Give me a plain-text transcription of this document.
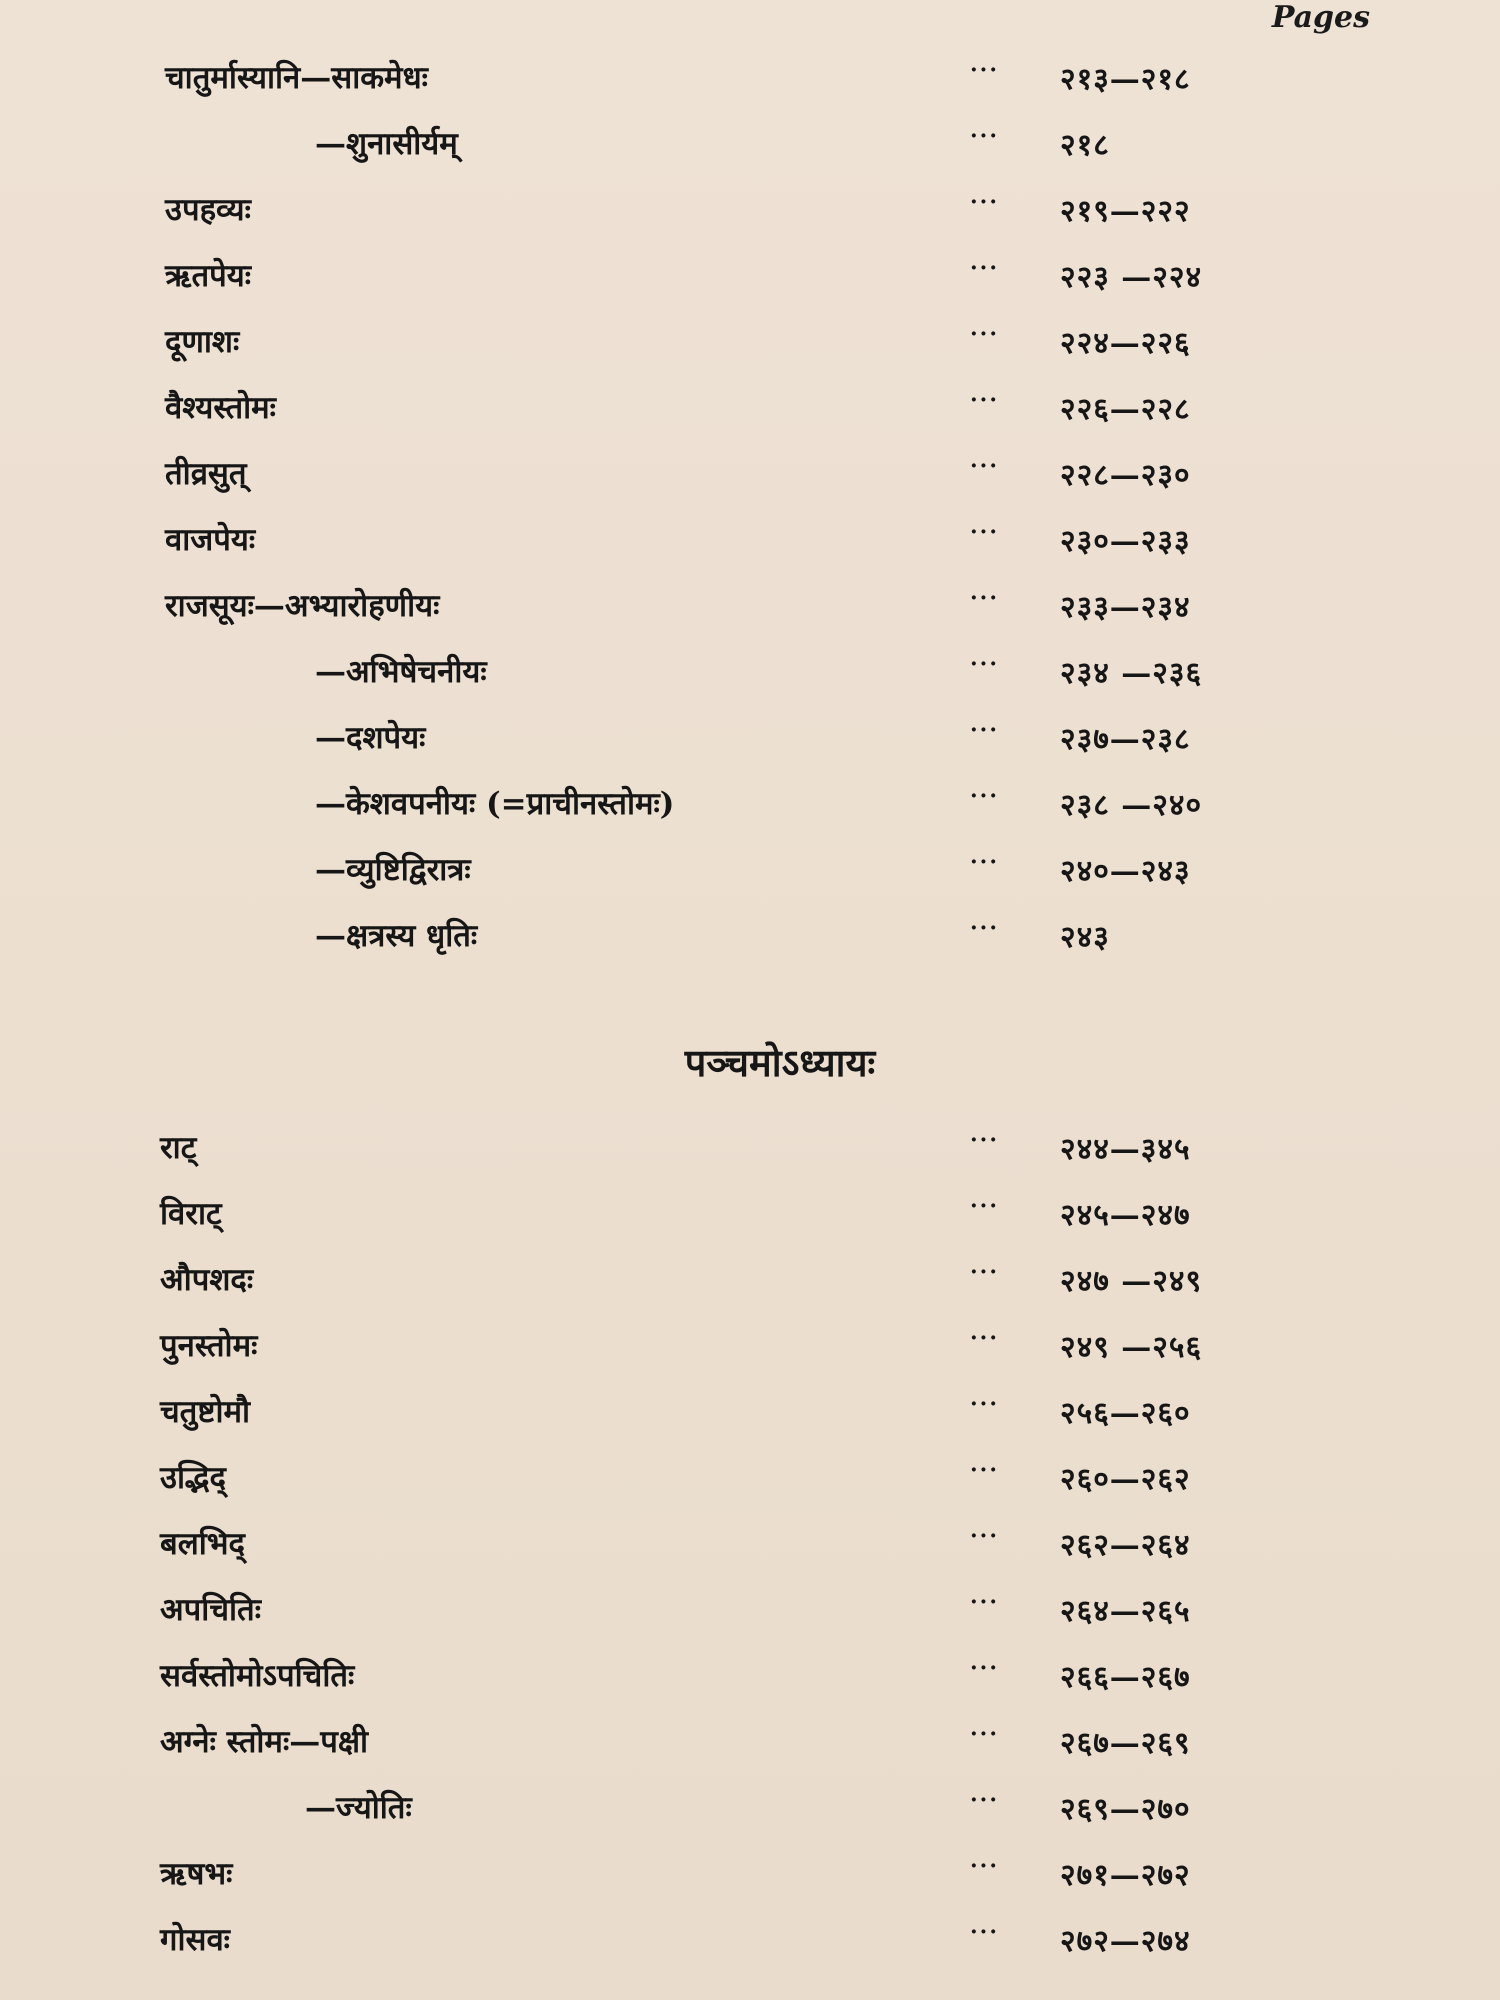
Pages
चातुर्मास्यानि—साकमेधः	··· २१३—२१८
—शुनासीर्यम्	··· २१८
उपहव्यः	··· २१९—२२२
ऋतपेयः	··· २२३ —२२४
दूणाशः	··· २२४—२२६
वैश्यस्तोमः	··· २२६—२२८
तीव्रसुत्	··· २२८—२३०
वाजपेयः	··· २३०—२३३
राजसूयः—अभ्यारोहणीयः	··· २३३—२३४
—अभिषेचनीयः	··· २३४ —२३६
—दशपेयः	··· २३७—२३८
—केशवपनीयः (=प्राचीनस्तोमः)	··· २३८ —२४०
—व्युष्टिद्विरात्रः	··· २४०—२४३
—क्षत्रस्य धृतिः	··· २४३
पञ्चमोऽध्यायः
राट्	··· २४४—३४५
विराट्	··· २४५—२४७
औपशदः	··· २४७ —२४९
पुनस्तोमः	··· २४९ —२५६
चतुष्टोमौ	··· २५६—२६०
उद्भिद्	··· २६०—२६२
बलभिद्	··· २६२—२६४
अपचितिः	··· २६४—२६५
सर्वस्तोमोऽपचितिः	··· २६६—२६७
अग्नेः स्तोमः—पक्षी	··· २६७—२६९
—ज्योतिः	··· २६९—२७०
ऋषभः	··· २७१—२७२
गोसवः	··· २७२—२७४
